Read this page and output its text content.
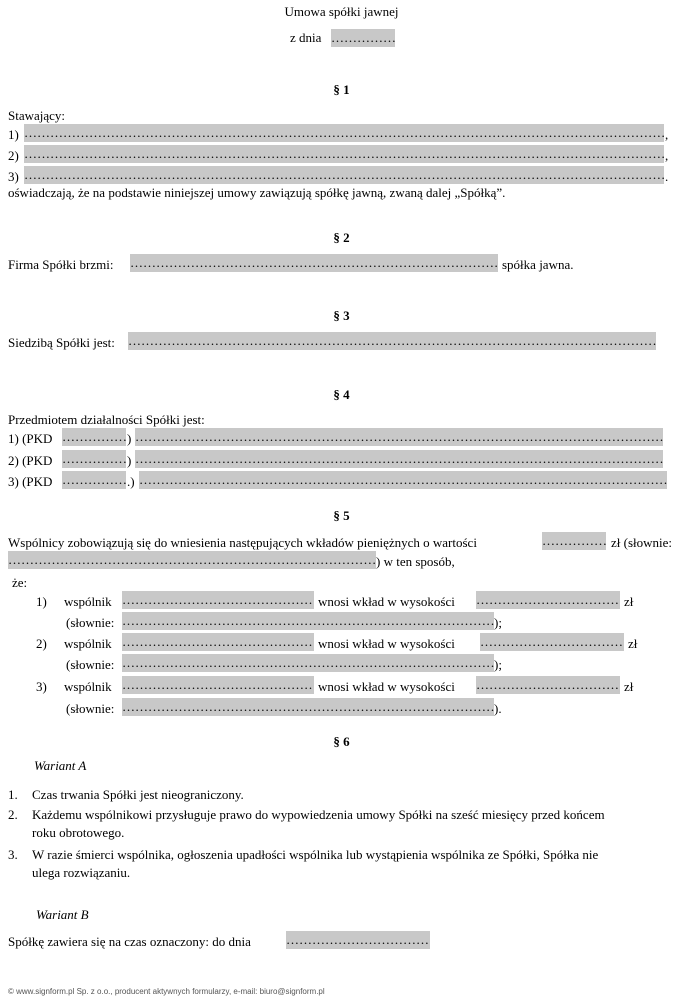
Umowa spółki jawnej
z dnia
…………………………………………………………………………………………………………………………………………………………………………………
§ 1
Stawający:
1) …………………………………………………………………………………………………………………………………………………………………………………	,
2) …………………………………………………………………………………………………………………………………………………………………………………	,
3) …………………………………………………………………………………………………………………………………………………………………………………	.
oświadczają, że na podstawie niniejszej umowy zawiązują spółkę jawną, zwaną dalej „Spółką”.
§ 2
Firma Spółki brzmi: …………………………………………………………………………………………………………………………………………………………………………………	spółka jawna.
§ 3
Siedzibą Spółki jest:
…………………………………………………………………………………………………………………………………………………………………………………
§ 4
Przedmiotem działalności Spółki jest:
1) (PKD …………………………………………………………………………………………………………………………………………………………………………………	)
…………………………………………………………………………………………………………………………………………………………………………………
2) (PKD …………………………………………………………………………………………………………………………………………………………………………………	)
…………………………………………………………………………………………………………………………………………………………………………………
3) (PKD …………………………………………………………………………………………………………………………………………………………………………………	.)
…………………………………………………………………………………………………………………………………………………………………………………
§ 5
Wspólnicy zobowiązują się do wniesienia następujących wkładów pieniężnych o wartości …………………………………………………………………………………………………………………………………………………………………………………	zł (słownie:
…………………………………………………………………………………………………………………………………………………………………………………
) w ten sposób,
że:
1) wspólnik …………………………………………………………………………………………………………………………………………………………………………………	wnosi wkład w wysokości …………………………………………………………………………………………………………………………………………………………………………………	zł
(słownie: …………………………………………………………………………………………………………………………………………………………………………………	);
2) wspólnik …………………………………………………………………………………………………………………………………………………………………………………	wnosi wkład w wysokości …………………………………………………………………………………………………………………………………………………………………………………	zł
(słownie: …………………………………………………………………………………………………………………………………………………………………………………	);
3) wspólnik …………………………………………………………………………………………………………………………………………………………………………………	wnosi wkład w wysokości …………………………………………………………………………………………………………………………………………………………………………………	zł
(słownie: …………………………………………………………………………………………………………………………………………………………………………………	).
§ 6
Wariant A
1. Czas trwania Spółki jest nieograniczony.
2. Każdemu wspólnikowi przysługuje prawo do wypowiedzenia umowy Spółki na sześć miesięcy przed końcem
roku obrotowego.
3. W razie śmierci wspólnika, ogłoszenia upadłości wspólnika lub wystąpienia wspólnika ze Spółki, Spółka nie
ulega rozwiązaniu.
Wariant B
Spółkę zawiera się na czas oznaczony: do dnia
…………………………………………………………………………………………………………………………………………………………………………………
© www.signform.pl Sp. z o.o., producent aktywnych formularzy, e-mail: biuro@signform.pl
